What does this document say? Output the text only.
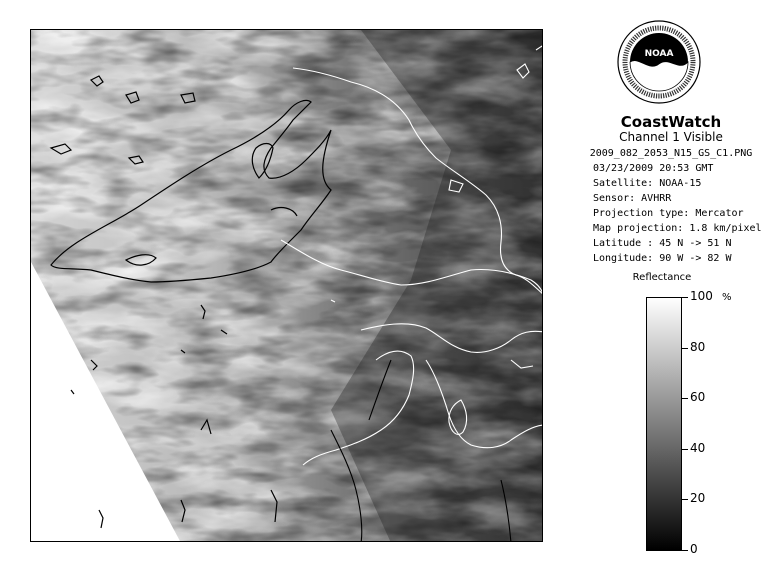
NOAA
CoastWatch
Channel 1 Visible
2009_082_2053_N15_GS_C1.PNG
03/23/2009 20:53 GMT
Satellite: NOAA-15
Sensor: AVHRR
Projection type: Mercator
Map projection: 1.8 km/pixel
Latitude : 45 N -> 51 N
Longitude: 90 W -> 82 W
Reflectance
%
100
80
60
40
20
0
